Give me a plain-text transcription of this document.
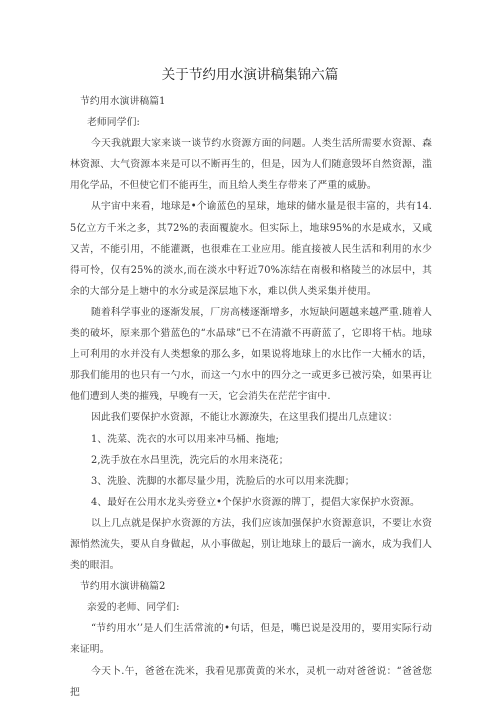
关于节约用水演讲稿集锦六篇

节约用水演讲稿篇1

老师同学们:

今天我就跟大家来谈一谈节约水资源方面的问题。人类生活所需要水资源、森林资源、大气资源本来是可以不断再生的，但是，因为人们随意毁坏自然资源，滥用化学品，不但使它们不能再生，而且给人类生存带来了严重的威胁。

从宇宙中来看，地球是•个谕蓝色的星球，地球的储水量是很丰富的，共有14.5亿立方千米之多，其72%的表面覆旋水。但实际上，地球95%的水是咸水，又咸又苦，不能引用，不能灌溉，也很难在工业应用。能直接被人民生活和利用的水少得可怜，仅有25%的淡水,而在淡水中籽近70%冻结在南极和格陵兰的冰层中，其余的大部分是上塘中的水分或是深层地下水，难以供人类采集并使用。

随着科学事业的逐渐发展，厂房高楼逐渐增多，水短缺问题越来越严重.随着人类的破坏，原来那个猎蓝色的“水晶球”已不在清澈不再蔚蓝了，它即将干枯。地球上可利用的水并没有人类想象的那么多，如果说将地球上的水比作一大桶水的话，那我们能用的也只有一勺水，而这一勺水中的四分之一或更多已被污染，如果再让他们遭到人类的摧残，早晚有一天，它会消失在茫茫宇宙中.

因此我们要保护水资源，不能让水源潦失，在这里我们提出几点建议：

1、洗菜、洗衣的水可以用来冲马桶、拖地;

2,洗手放在水昌里洗，洗完后的水用来浇花；

3、洗脸、洗脚的水都尽量少用，洗脸后的水可以用来洗脚；

4、最好在公用水龙头旁登立•个保护水资源的牌丁，提倡大家保护水资源。

以上几点就是保护水资源的方法，我们应该加强保护水资源意识，不要让水资源悄然流失，要从自身做起，从小事做起，别让地球上的最后一滴水，成为我们人类的眼泪。

节约用水演讲稿篇2

亲爱的老师、同学们:

“节约用水’’是人们生活常流的•句话，但是，嘴巴说是没用的，要用实际行动来证明。

今天卜.午，爸爸在洗米，我看见那黄黄的米水，灵机一动对爸爸说：“爸爸您把
